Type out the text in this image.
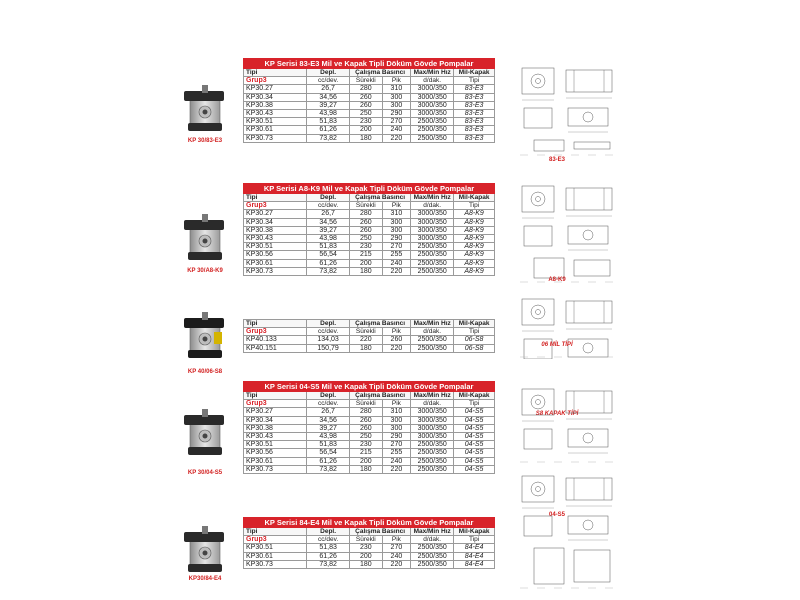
KP 30/83-E3
KP Serisi 83-E3 Mil ve Kapak Tipli Döküm Gövde Pompalar					
Tipi	Depl.	Çalışma Basıncı		Max/Min Hız	Mil-Kapak
Grup3	cc/dev.	Sürekli	Pik	d/dak.	Tipi
KP30.27	26,7	280	310	3000/350	83-E3
KP30.34	34,56	260	300	3000/350	83-E3
KP30.38	39,27	260	300	3000/350	83-E3
KP30.43	43,98	250	290	3000/350	83-E3
KP30.51	51,83	230	270	2500/350	83-E3
KP30.61	61,26	200	240	2500/350	83-E3
KP30.73	73,82	180	220	2500/350	83-E3
83-E3
KP 30/A8-K9
KP Serisi A8-K9 Mil ve Kapak Tipli Döküm Gövde Pompalar					
Tipi	Depl.	Çalışma Basıncı		Max/Min Hız	Mil-Kapak
Grup3	cc/dev.	Sürekli	Pik	d/dak.	Tipi
KP30.27	26,7	280	310	3000/350	A8-K9
KP30.34	34,56	260	300	3000/350	A8-K9
KP30.38	39,27	260	300	3000/350	A8-K9
KP30.43	43,98	250	290	3000/350	A8-K9
KP30.51	51,83	230	270	2500/350	A8-K9
KP30.56	56,54	215	255	2500/350	A8-K9
KP30.61	61,26	200	240	2500/350	A8-K9
KP30.73	73,82	180	220	2500/350	A8-K9
A8-K9
KP 40/06-S8
Tipi	Depl.	Çalışma Basıncı		Max/Min Hız	Mil-Kapak
Grup3	cc/dev.	Sürekli	Pik	d/dak.	Tipi
KP40.133	134,03	220	260	2500/350	06-S8
KP40.151	150,79	180	220	2500/350	06-S8	06 MİL TİPİ
S8 KAPAK TİPİ
KP 30/04-S5
KP Serisi 04-S5 Mil ve Kapak Tipli Döküm Gövde Pompalar					
Tipi	Depl.	Çalışma Basıncı		Max/Min Hız	Mil-Kapak
Grup3	cc/dev.	Sürekli	Pik	d/dak.	Tipi
KP30.27	26,7	280	310	3000/350	04-S5
KP30.34	34,56	260	300	3000/350	04-S5
KP30.38	39,27	260	300	3000/350	04-S5
KP30.43	43,98	250	290	3000/350	04-S5
KP30.51	51,83	230	270	2500/350	04-S5
KP30.56	56,54	215	255	2500/350	04-S5
KP30.61	61,26	200	240	2500/350	04-S5
KP30.73	73,82	180	220	2500/350	04-S5
04-S5
KP30/84-E4
KP Serisi 84-E4 Mil ve Kapak Tipli Döküm Gövde Pompalar					
Tipi	Depl.	Çalışma Basıncı		Max/Min Hız	Mil-Kapak
Grup3	cc/dev.	Sürekli	Pik	d/dak.	Tipi
KP30.51	51,83	230	270	2500/350	84-E4
KP30.61	61,26	200	240	2500/350	84-E4
KP30.73	73,82	180	220	2500/350	84-E4
